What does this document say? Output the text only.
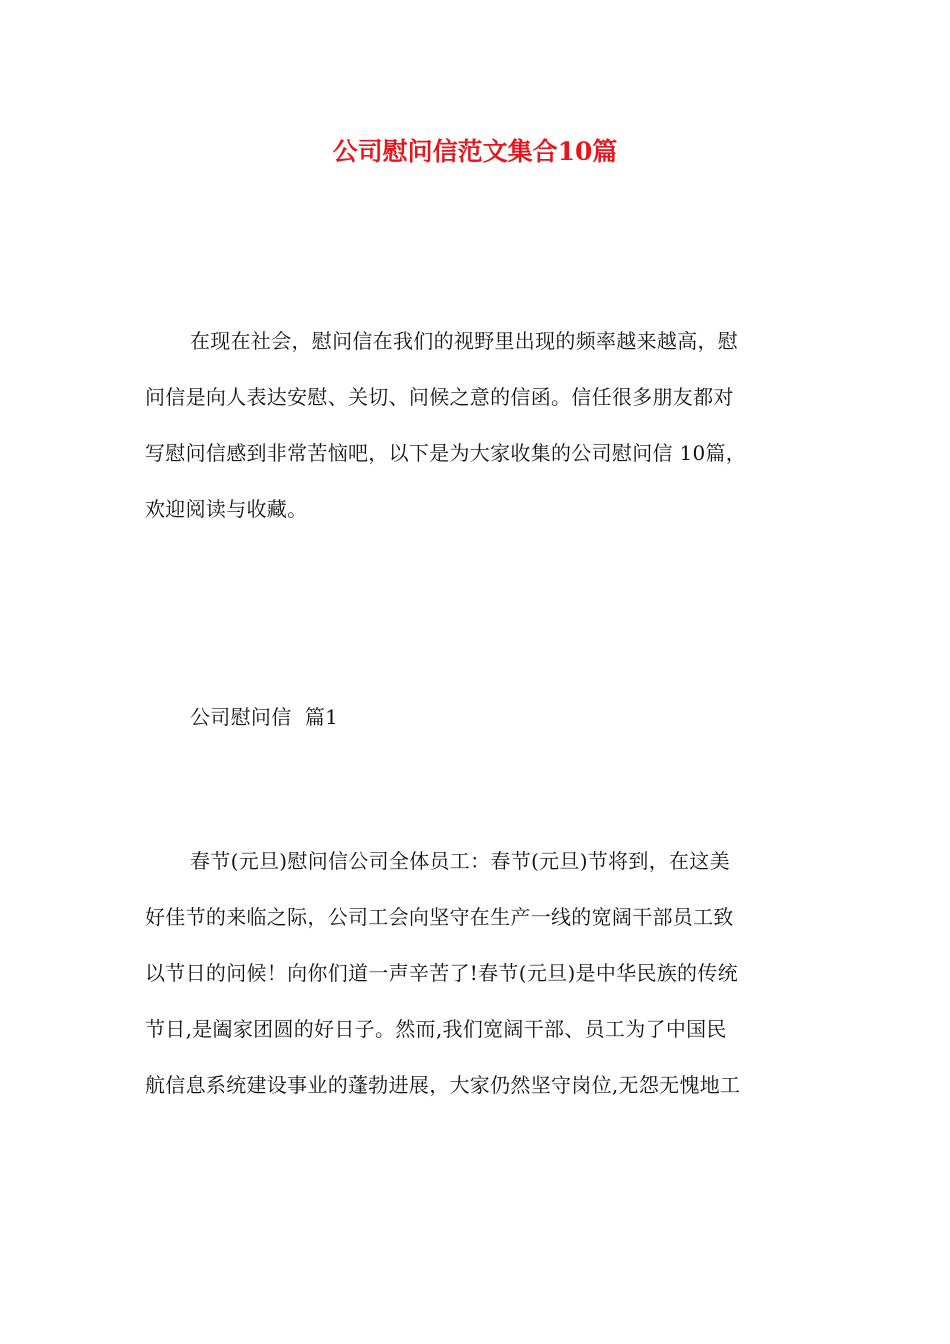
公司慰问信范文集合10篇

在现在社会，慰问信在我们的视野里出现的频率越来越高，慰
问信是向人表达安慰、关切、问候之意的信函。信任很多朋友都对
写慰问信感到非常苦恼吧，以下是为大家收集的公司慰问信 10篇，
欢迎阅读与收藏。

公司慰问信  篇1

春节(元旦)慰问信公司全体员工：春节(元旦)节将到，在这美
好佳节的来临之际，公司工会向坚守在生产一线的宽阔干部员工致
以节日的问候！向你们道一声辛苦了!春节(元旦)是中华民族的传统
节日,是阖家团圆的好日子。然而,我们宽阔干部、员工为了中国民
航信息系统建设事业的蓬勃进展，大家仍然坚守岗位,无怨无愧地工
